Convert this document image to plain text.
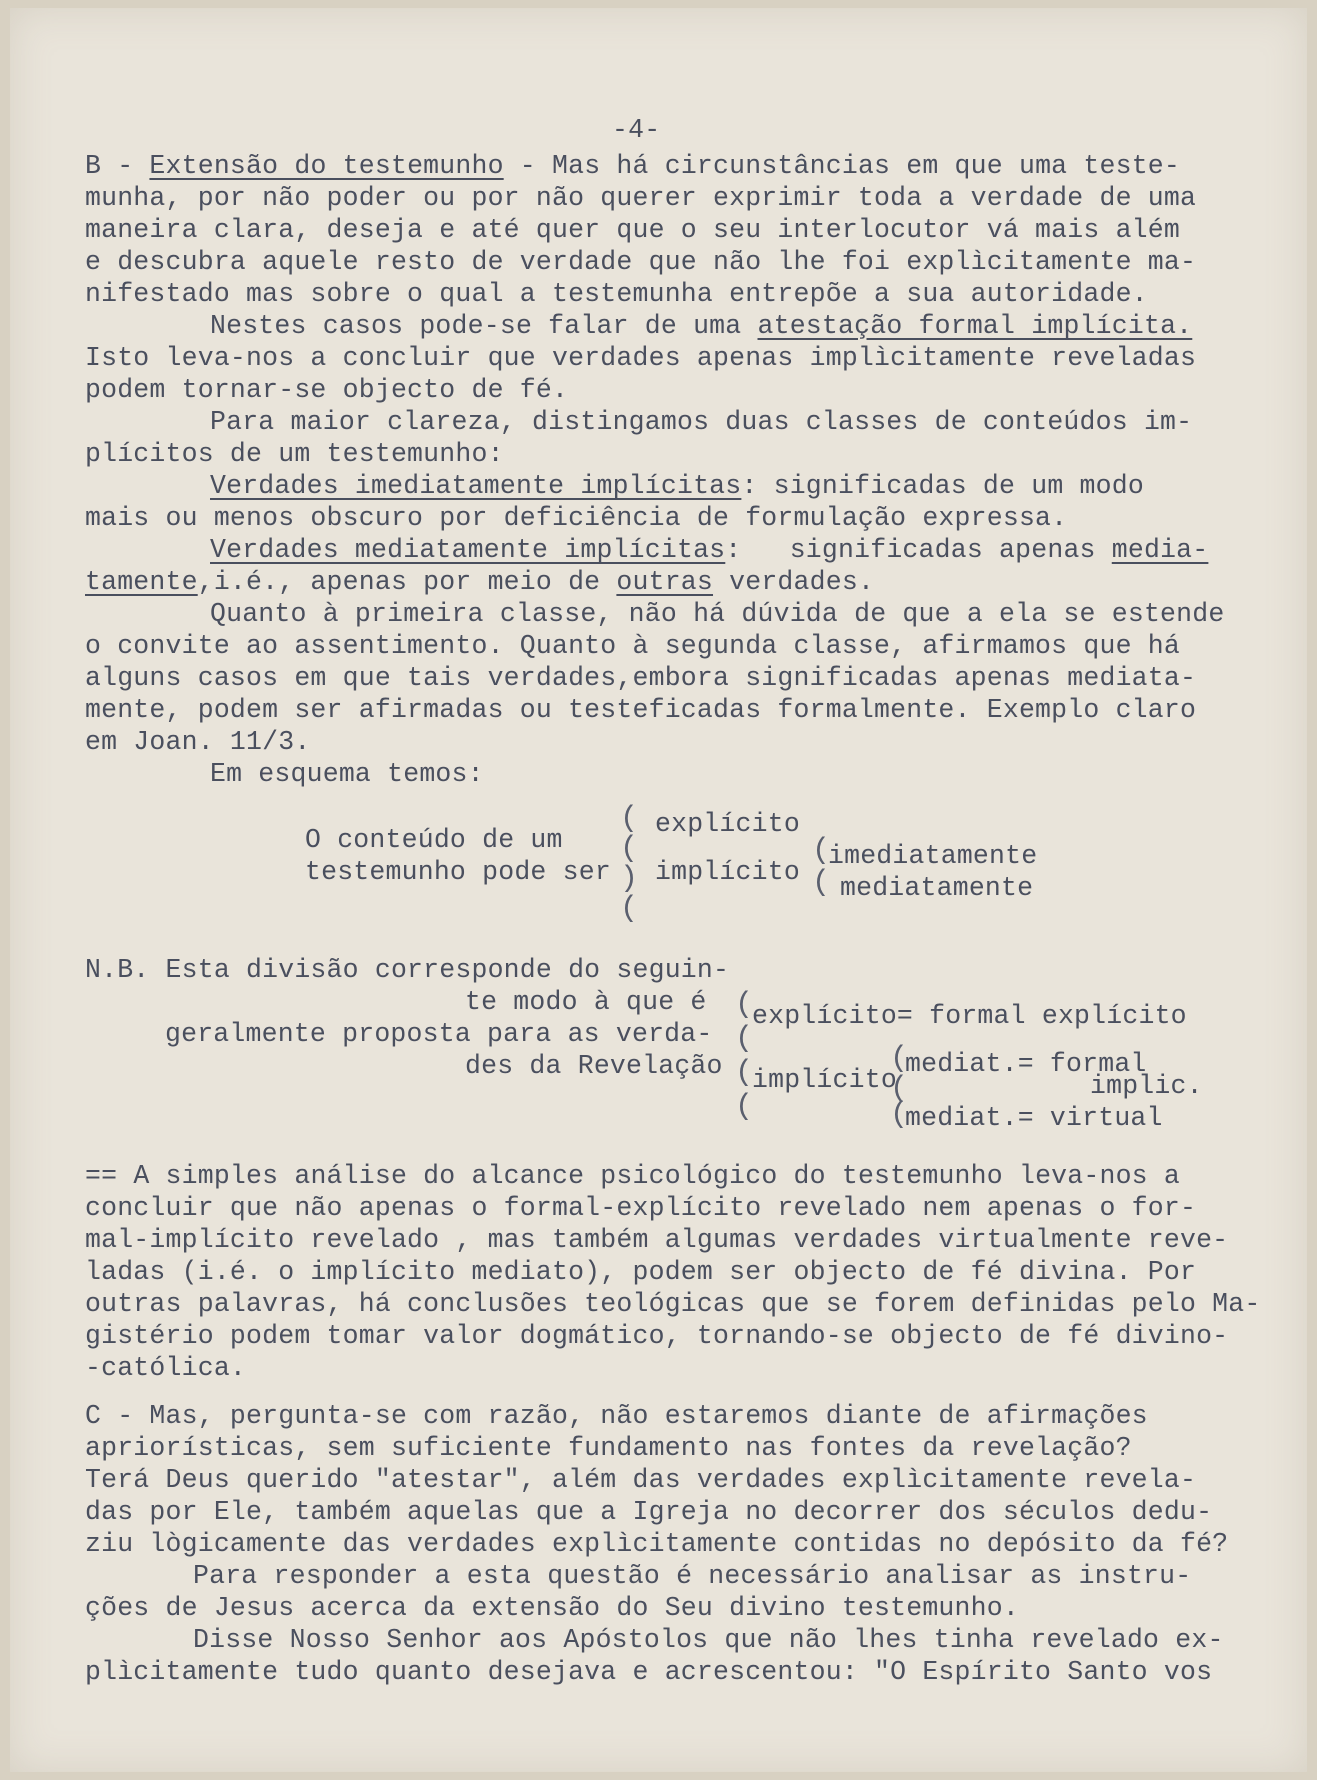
-4-
B - Extensão do testemunho - Mas há circunstâncias em que uma teste-
munha, por não poder ou por não querer exprimir toda a verdade de uma
maneira clara, deseja e até quer que o seu interlocutor vá mais além
e descubra aquele resto de verdade que não lhe foi explìcitamente ma-
nifestado mas sobre o qual a testemunha entrepõe a sua autoridade.
Nestes casos pode-se falar de uma atestação formal implícita.
Isto leva-nos a concluir que verdades apenas implìcitamente reveladas
podem tornar-se objecto de fé.
Para maior clareza, distingamos duas classes de conteúdos im-
plícitos de um testemunho:
Verdades imediatamente implícitas: significadas de um modo
mais ou menos obscuro por deficiência de formulação expressa.
Verdades mediatamente implícitas:   significadas apenas media-
tamente,i.é., apenas por meio de outras verdades.
Quanto à primeira classe, não há dúvida de que a ela se estende
o convite ao assentimento. Quanto à segunda classe, afirmamos que há
alguns casos em que tais verdades,embora significadas apenas mediata-
mente, podem ser afirmadas ou testeficadas formalmente. Exemplo claro
em Joan. 11/3.
Em esquema temos:
O conteúdo de um
testemunho pode ser
(
(
)
(
explícito
implícito
(
(
imediatamente
mediatamente
N.B. Esta divisão corresponde do seguin-
te modo à que é
geralmente proposta para as verda-
des da Revelação
(
(
(
(
explícito= formal explícito
implícito
(
(
(
mediat.= formal
implic.
mediat.= virtual
== A simples análise do alcance psicológico do testemunho leva-nos a
concluir que não apenas o formal-explícito revelado nem apenas o for-
mal-implícito revelado , mas também algumas verdades virtualmente reve-
ladas (i.é. o implícito mediato), podem ser objecto de fé divina. Por
outras palavras, há conclusões teológicas que se forem definidas pelo Ma-
gistério podem tomar valor dogmático, tornando-se objecto de fé divino-
-católica.
C - Mas, pergunta-se com razão, não estaremos diante de afirmações
apriorísticas, sem suficiente fundamento nas fontes da revelação?
Terá Deus querido "atestar", além das verdades explìcitamente revela-
das por Ele, também aquelas que a Igreja no decorrer dos séculos dedu-
ziu lògicamente das verdades explìcitamente contidas no depósito da fé?
Para responder a esta questão é necessário analisar as instru-
ções de Jesus acerca da extensão do Seu divino testemunho.
Disse Nosso Senhor aos Apóstolos que não lhes tinha revelado ex-
plìcitamente tudo quanto desejava e acrescentou: "O Espírito Santo vos
